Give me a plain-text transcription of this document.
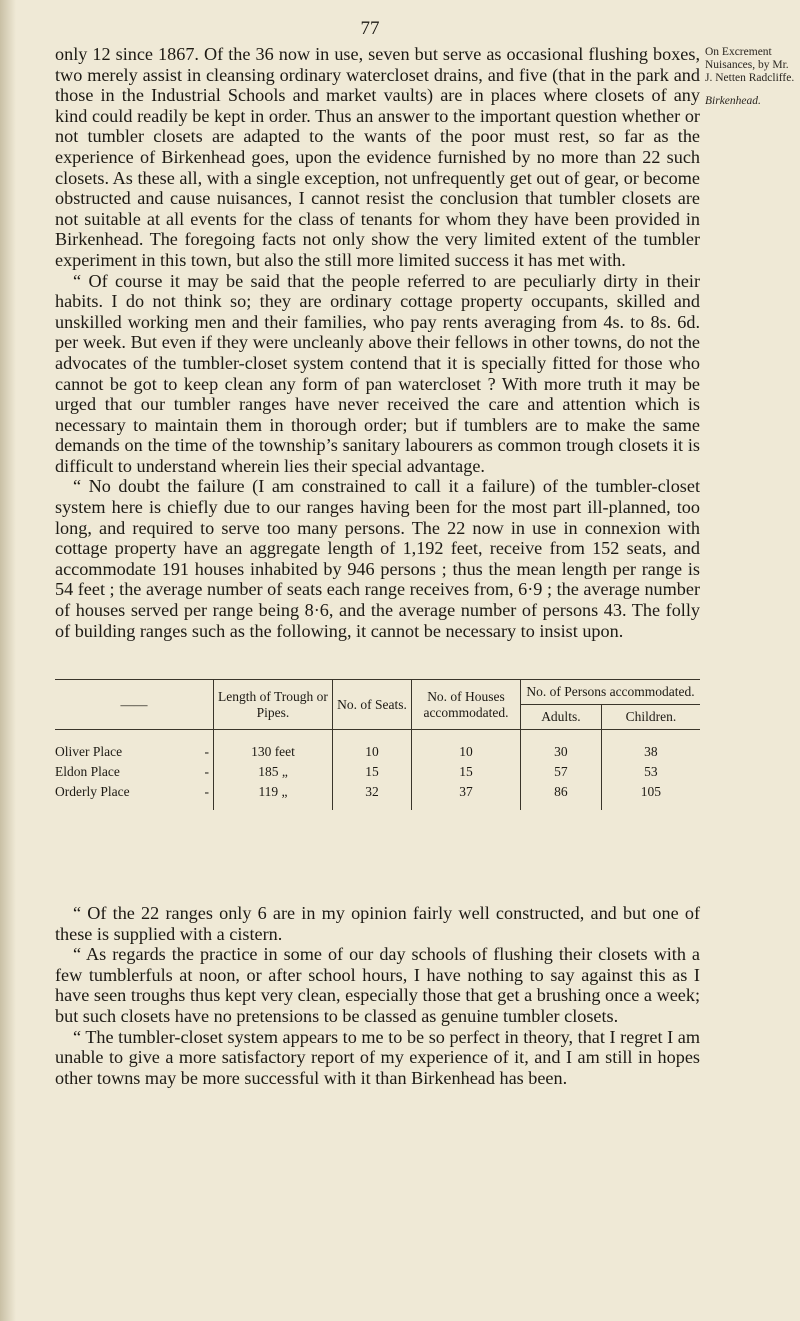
77
On Excrement Nuisances, by Mr. J. Netten Radcliffe.
Birkenhead.

only 12 since 1867. Of the 36 now in use, seven but serve as occasional flushing boxes, two merely assist in cleansing ordinary watercloset drains, and five (that in the park and those in the Industrial Schools and market vaults) are in places where closets of any kind could readily be kept in order. Thus an answer to the important question whether or not tumbler closets are adapted to the wants of the poor must rest, so far as the experience of Birkenhead goes, upon the evidence furnished by no more than 22 such closets. As these all, with a single exception, not unfrequently get out of gear, or become obstructed and cause nuisances, I cannot resist the conclusion that tumbler closets are not suitable at all events for the class of tenants for whom they have been provided in Birkenhead. The foregoing facts not only show the very limited extent of the tumbler experiment in this town, but also the still more limited success it has met with.

“ Of course it may be said that the people referred to are peculiarly dirty in their habits. I do not think so; they are ordinary cottage property occupants, skilled and unskilled working men and their families, who pay rents averaging from 4s. to 8s. 6d. per week. But even if they were uncleanly above their fellows in other towns, do not the advocates of the tumbler-closet system contend that it is specially fitted for those who cannot be got to keep clean any form of pan watercloset ? With more truth it may be urged that our tumbler ranges have never received the care and attention which is necessary to maintain them in thorough order; but if tumblers are to make the same demands on the time of the township’s sanitary labourers as common trough closets it is difficult to understand wherein lies their special advantage.

“ No doubt the failure (I am constrained to call it a failure) of the tumbler-closet system here is chiefly due to our ranges having been for the most part ill-planned, too long, and required to serve too many persons. The 22 now in use in connexion with cottage property have an aggregate length of 1,192 feet, receive from 152 seats, and accommodate 191 houses inhabited by 946 persons ; thus the mean length per range is 54 feet ; the average number of seats each range receives from, 6·9 ; the average number of houses served per range being 8·6, and the average number of persons 43. The folly of building ranges such as the following, it cannot be necessary to insist upon.

——	Length of Trough or Pipes.	No. of Seats.	No. of Houses accommodated.	No. of Persons accommodated.	
				Adults.	Children.
Oliver Place -	130 feet	10	10	30	38
Eldon Place -	185 „	15	15	57	53
Orderly Place -	119 „	32	37	86	105

“ Of the 22 ranges only 6 are in my opinion fairly well constructed, and but one of these is supplied with a cistern.

“ As regards the practice in some of our day schools of flushing their closets with a few tumblerfuls at noon, or after school hours, I have nothing to say against this as I have seen troughs thus kept very clean, especially those that get a brushing once a week; but such closets have no pretensions to be classed as genuine tumbler closets.

“ The tumbler-closet system appears to me to be so perfect in theory, that I regret I am unable to give a more satisfactory report of my experience of it, and I am still in hopes other towns may be more successful with it than Birkenhead has been.
